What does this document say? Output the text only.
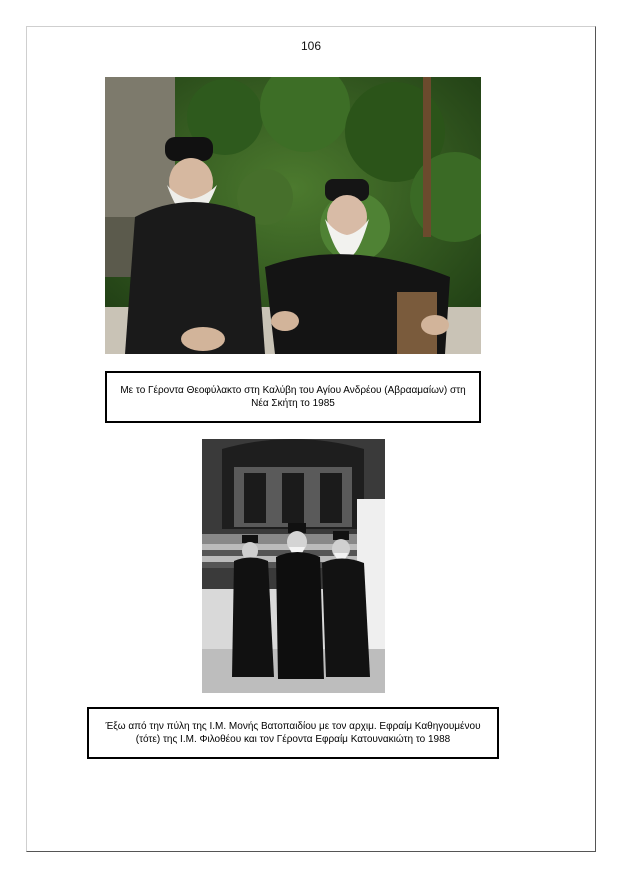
106
Με το Γέροντα Θεοφύλακτο στη Καλύβη του Αγίου Ανδρέου (Αβρααμαίων) στη
Νέα Σκήτη το 1985
Έξω από την πύλη της Ι.Μ. Μονής Βατοπαιδίου με τον αρχιμ. Εφραίμ Καθηγουμένου
(τότε) της Ι.Μ. Φιλοθέου και τον Γέροντα Εφραίμ Κατουνακιώτη το 1988
